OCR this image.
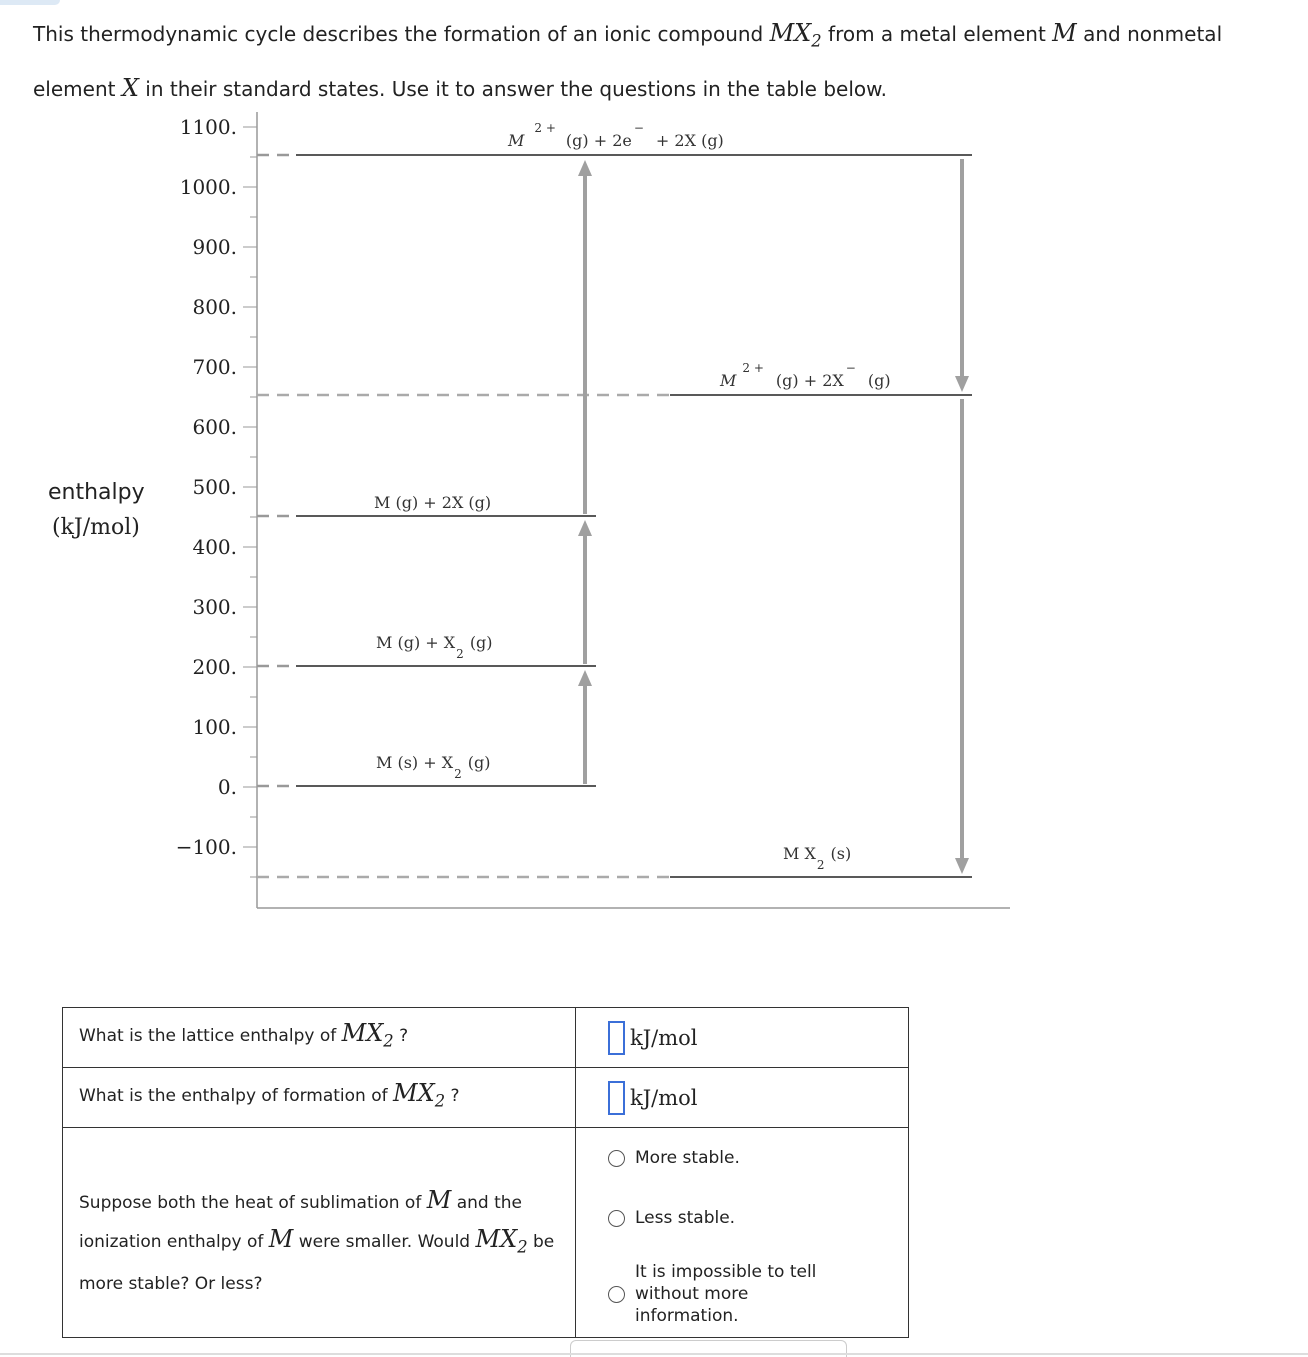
This thermodynamic cycle describes the formation of an ionic compound $MX_2$ from a metal element M and nonmetal element X in their standard states. Use it to answer the questions in the table below.
enthalpy
(kJ/mol)
1100.
1000.
900.
800.
700.
600.
500.
400.
300.
200.
100.
0.
−100.
$M^{2 +}(g) + 2e^-+ 2X$ (g)
$M^{2 +}(g) + 2X^-(g)$
M (g) + 2X (g)
M $(g) + X_2(g)$
M $(s) + X_2(g)$
M $X_2(s)$
What is the lattice enthalpy of $MX_2$ ?	kJ/mol
What is the enthalpy of formation of $MX_2$ ?	kJ/mol
Suppose both the heat of sublimation of M and the ionization enthalpy of M were smaller. Would $MX_2$ be more stable? Or less?	More stable.
Less stable.
It is impossible to tell without more information.
